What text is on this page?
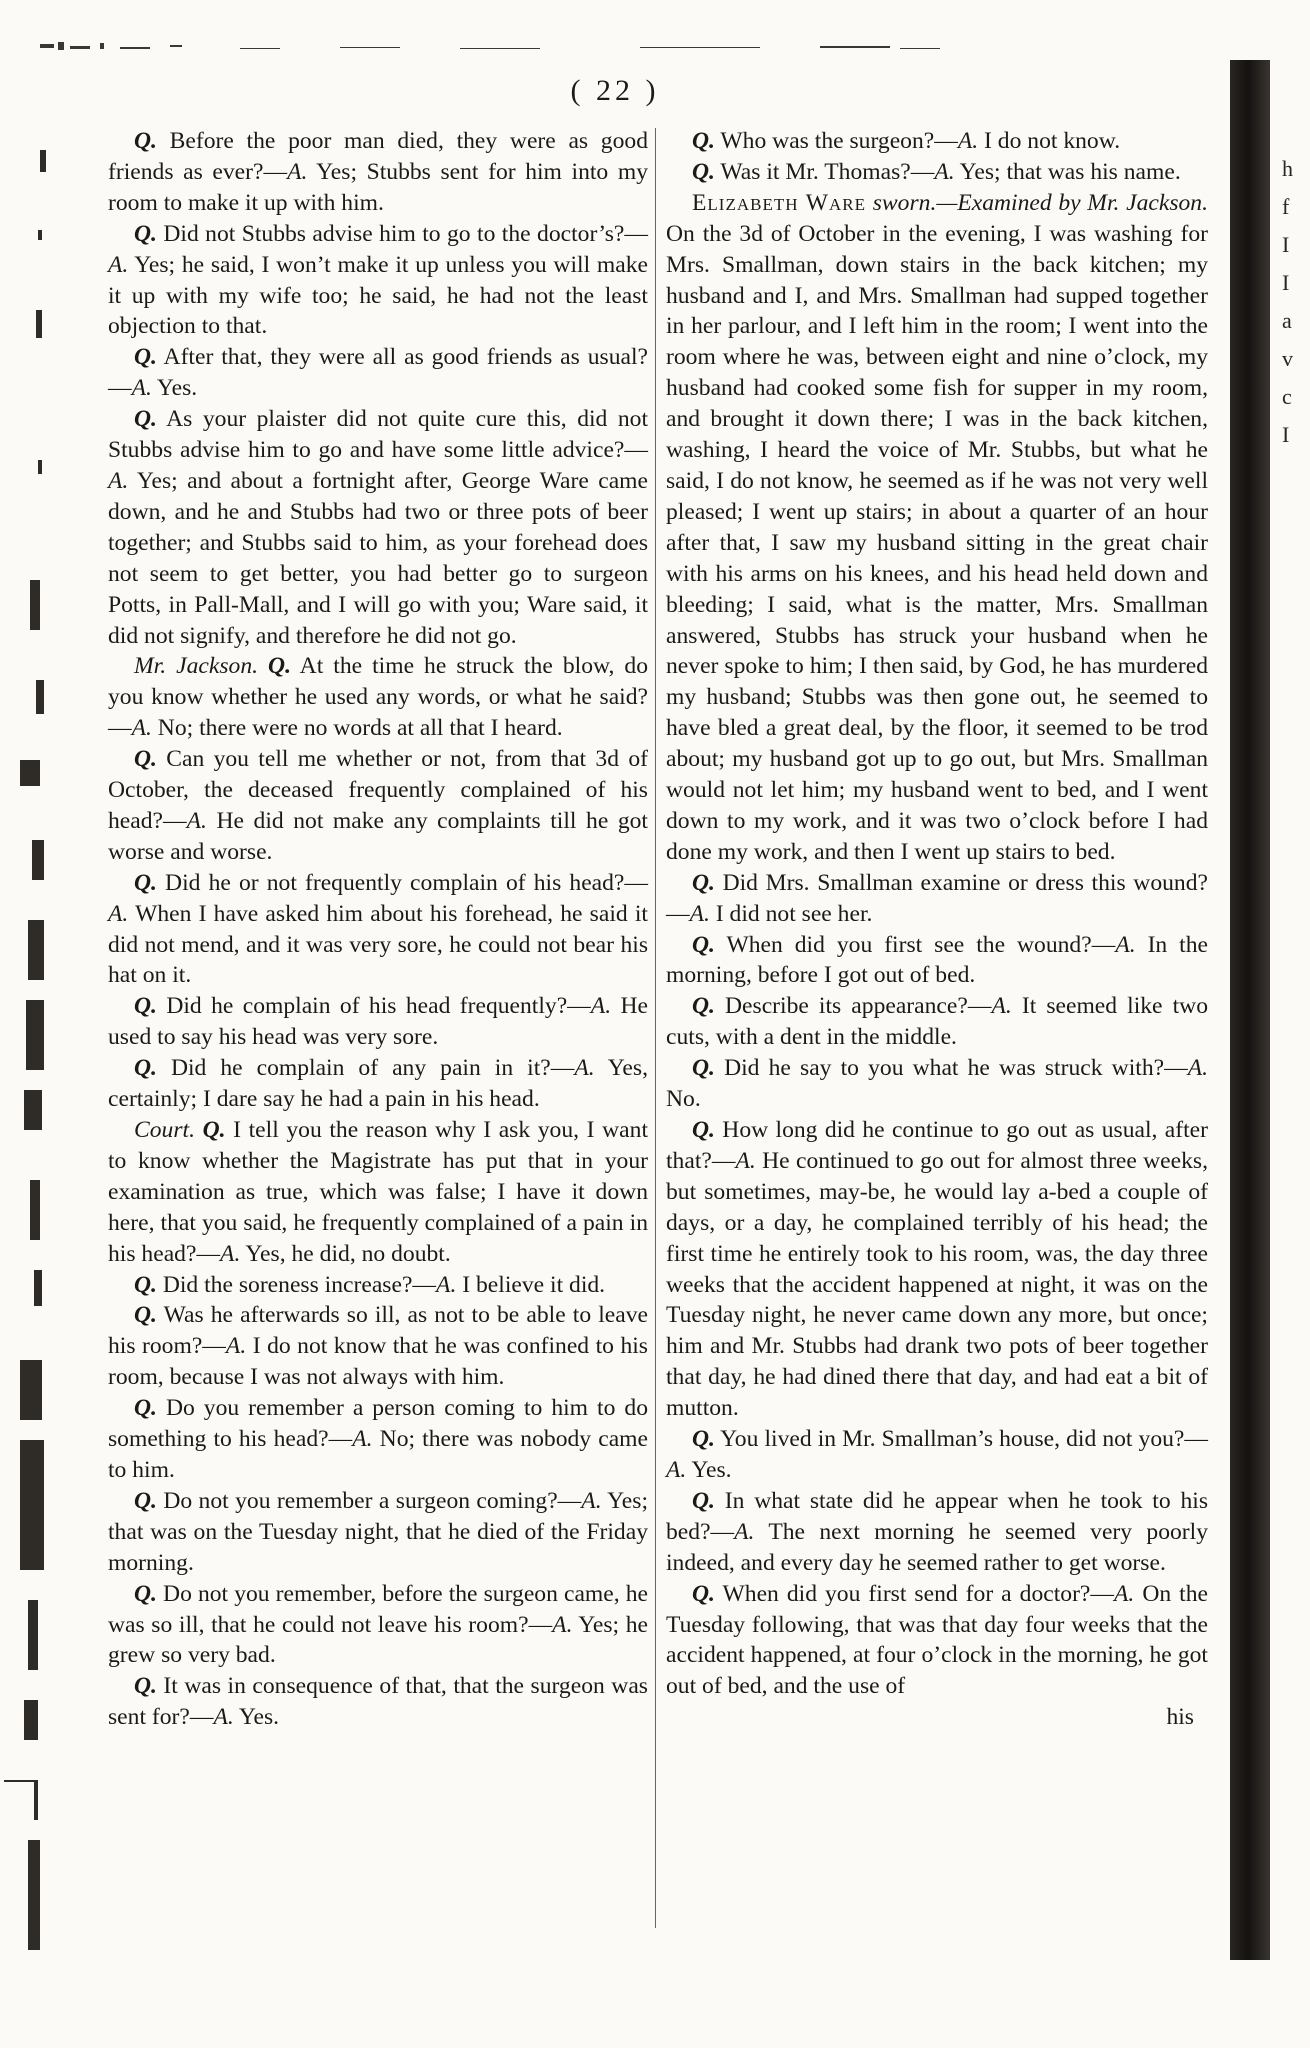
( 22 )

Q. Before the poor man died, they were as good friends as ever?—A. Yes; Stubbs sent for him into my room to make it up with him.

Q. Did not Stubbs advise him to go to the doctor’s?—A. Yes; he said, I won’t make it up unless you will make it up with my wife too; he said, he had not the least objection to that.

Q. After that, they were all as good friends as usual?—A. Yes.

Q. As your plaister did not quite cure this, did not Stubbs advise him to go and have some little advice?—A. Yes; and about a fortnight after, George Ware came down, and he and Stubbs had two or three pots of beer together; and Stubbs said to him, as your forehead does not seem to get better, you had better go to surgeon Potts, in Pall-Mall, and I will go with you; Ware said, it did not signify, and therefore he did not go.

Mr. Jackson. Q. At the time he struck the blow, do you know whether he used any words, or what he said?—A. No; there were no words at all that I heard.

Q. Can you tell me whether or not, from that 3d of October, the deceased frequently complained of his head?—A. He did not make any complaints till he got worse and worse.

Q. Did he or not frequently complain of his head?—A. When I have asked him about his forehead, he said it did not mend, and it was very sore, he could not bear his hat on it.

Q. Did he complain of his head frequently?—A. He used to say his head was very sore.

Q. Did he complain of any pain in it?—A. Yes, certainly; I dare say he had a pain in his head.

Court. Q. I tell you the reason why I ask you, I want to know whether the Magistrate has put that in your examination as true, which was false; I have it down here, that you said, he frequently complained of a pain in his head?—A. Yes, he did, no doubt.

Q. Did the soreness increase?—A. I believe it did.

Q. Was he afterwards so ill, as not to be able to leave his room?—A. I do not know that he was confined to his room, because I was not always with him.

Q. Do you remember a person coming to him to do something to his head?—A. No; there was nobody came to him.

Q. Do not you remember a surgeon coming?—A. Yes; that was on the Tuesday night, that he died of the Friday morning.

Q. Do not you remember, before the surgeon came, he was so ill, that he could not leave his room?—A. Yes; he grew so very bad.

Q. It was in consequence of that, that the surgeon was sent for?—A. Yes.

Q. Who was the surgeon?—A. I do not know.

Q. Was it Mr. Thomas?—A. Yes; that was his name.

Elizabeth Ware sworn.—Examined by Mr. Jackson. On the 3d of October in the evening, I was washing for Mrs. Smallman, down stairs in the back kitchen; my husband and I, and Mrs. Smallman had supped together in her parlour, and I left him in the room; I went into the room where he was, between eight and nine o’clock, my husband had cooked some fish for supper in my room, and brought it down there; I was in the back kitchen, washing, I heard the voice of Mr. Stubbs, but what he said, I do not know, he seemed as if he was not very well pleased; I went up stairs; in about a quarter of an hour after that, I saw my husband sitting in the great chair with his arms on his knees, and his head held down and bleeding; I said, what is the matter, Mrs. Smallman answered, Stubbs has struck your husband when he never spoke to him; I then said, by God, he has murdered my husband; Stubbs was then gone out, he seemed to have bled a great deal, by the floor, it seemed to be trod about; my husband got up to go out, but Mrs. Smallman would not let him; my husband went to bed, and I went down to my work, and it was two o’clock before I had done my work, and then I went up stairs to bed.

Q. Did Mrs. Smallman examine or dress this wound?—A. I did not see her.

Q. When did you first see the wound?—A. In the morning, before I got out of bed.

Q. Describe its appearance?—A. It seemed like two cuts, with a dent in the middle.

Q. Did he say to you what he was struck with?—A. No.

Q. How long did he continue to go out as usual, after that?—A. He continued to go out for almost three weeks, but sometimes, may-be, he would lay a-bed a couple of days, or a day, he complained terribly of his head; the first time he entirely took to his room, was, the day three weeks that the accident happened at night, it was on the Tuesday night, he never came down any more, but once; him and Mr. Stubbs had drank two pots of beer together that day, he had dined there that day, and had eat a bit of mutton.

Q. You lived in Mr. Smallman’s house, did not you?—A. Yes.

Q. In what state did he appear when he took to his bed?—A. The next morning he seemed very poorly indeed, and every day he seemed rather to get worse.

Q. When did you first send for a doctor?—A. On the Tuesday following, that was that day four weeks that the accident happened, at four o’clock in the morning, he got out of bed, and the use of

his

h
f
I
I
a
v
c
I
